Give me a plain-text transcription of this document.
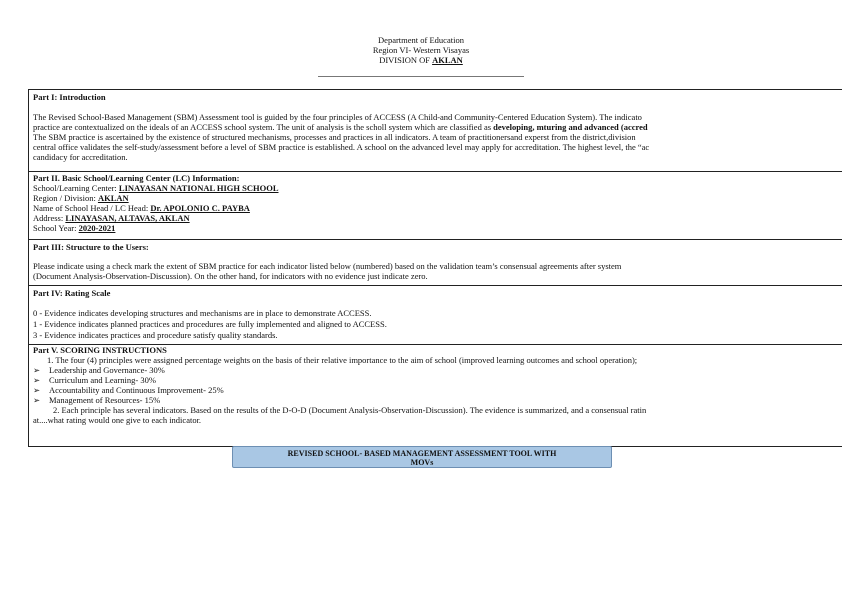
Department of Education
Region VI- Western Visayas
DIVISION OF AKLAN
Part I: Introduction
The Revised School-Based Management (SBM) Assessment tool is guided by the four principles of ACCESS (A Child-and Community-Centered Education System). The indicato
practice are contextualized on the ideals of an ACCESS school system. The unit of analysis is the scholl system which are classified as developing, mturing and advanced (accred
The SBM practice is ascertained by the existence of structured mechanisms, processes and practices in all indicators. A team of practitionersand experst from the district,division
central office validates the self-study/assessment before a level of SBM practice is established. A school on the advanced level may apply for accreditation. The highest level, the “ac
candidacy for accreditation.
Part II. Basic School/Learning Center (LC) Information:
School/Learning Center: LINAYASAN NATIONAL HIGH SCHOOL
Region / Division: AKLAN
Name of School Head / LC Head: Dr. APOLONIO C. PAYBA
Address: LINAYASAN, ALTAVAS, AKLAN
School Year: 2020-2021
Part III: Structure to the Users:
Please indicate using a check mark the extent of SBM practice for each indicator listed below (numbered) based on the validation team’s consensual agreements after system
(Document Analysis-Observation-Discussion). On the other hand, for indicators with no evidence just indicate zero.
Part IV: Rating Scale
0 - Evidence indicates developing structures and mechanisms are in place to demonstrate ACCESS.
1 - Evidence indicates planned practices and procedures are fully implemented and aligned to ACCESS.
3 - Evidence indicates practices and procedure satisfy quality standards.
Part V. SCORING INSTRUCTIONS
1. The four (4) principles were assigned percentage weights on the basis of their relative importance to the aim of school (improved learning outcomes and school operation);
➢ Leadership and Governance- 30%
➢ Curriculum and Learning- 30%
➢ Accountability and Continuous Improvement- 25%
➢ Management of Resources- 15%
2. Each principle has several indicators. Based on the results of the D-O-D (Document Analysis-Observation-Discussion). The evidence is summarized, and a consensual ratin
at....what rating would one give to each indicator.
REVISED SCHOOL- BASED MANAGEMENT ASSESSMENT TOOL WITH
MOVs
